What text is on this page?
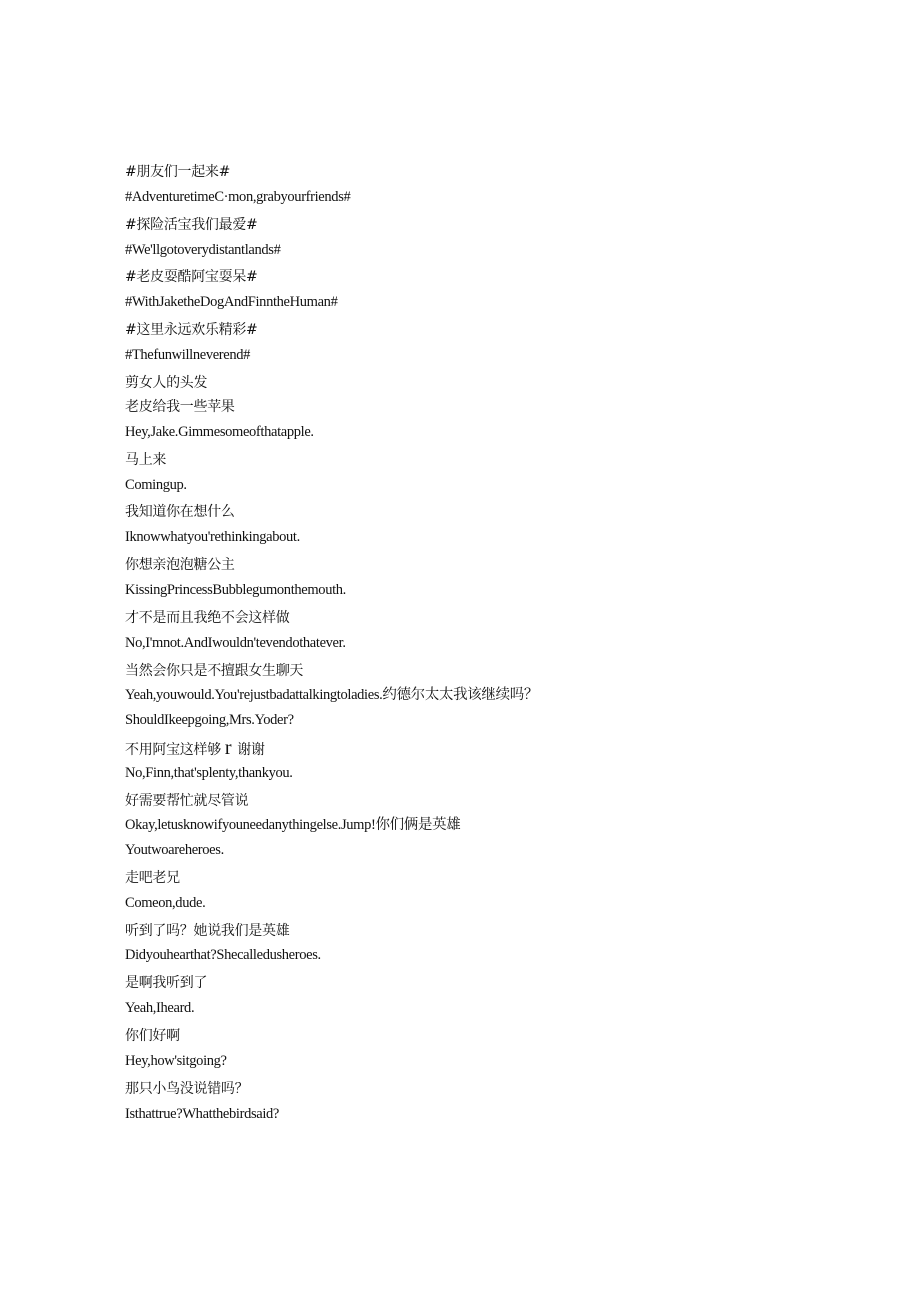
#朋友们一起来#
#AdventuretimeC·mon,grabyourfriends#
#探险活宝我们最爱#
#We'llgotoverydistantlands#
#老皮耍酷阿宝耍呆#
#WithJaketheDogAndFinntheHuman#
#这里永远欢乐精彩#
#Thefunwillneverend#
剪女人的头发
老皮给我一些苹果
Hey,Jake.Gimmesomeofthatapple.
马上来
Comingup.
我知道你在想什么
Iknowwhatyou'rethinkingabout.
你想亲泡泡糖公主
KissingPrincessBubblegumonthemouth.
才不是而且我绝不会这样做
No,I'mnot.AndIwouldn'tevendothatever.
当然会你只是不擅跟女生聊天
Yeah,youwould.You'rejustbadattalkingtoladies.约德尔太太我该继续吗？
ShouldIkeepgoing,Mrs.Yoder?
不用阿宝这样够 r 谢谢
No,Finn,that'splenty,thankyou.
好需要帮忙就尽管说
Okay,letusknowifyouneedanythingelse.Jump!你们俩是英雄
Youtwoareheroes.
走吧老兄
Comeon,dude.
听到了吗？她说我们是英雄
Didyouhearthat?Shecalledusheroes.
是啊我听到了
Yeah,Iheard.
你们好啊
Hey,how'sitgoing?
那只小鸟没说错吗？
Isthattrue?Whatthebirdsaid?
